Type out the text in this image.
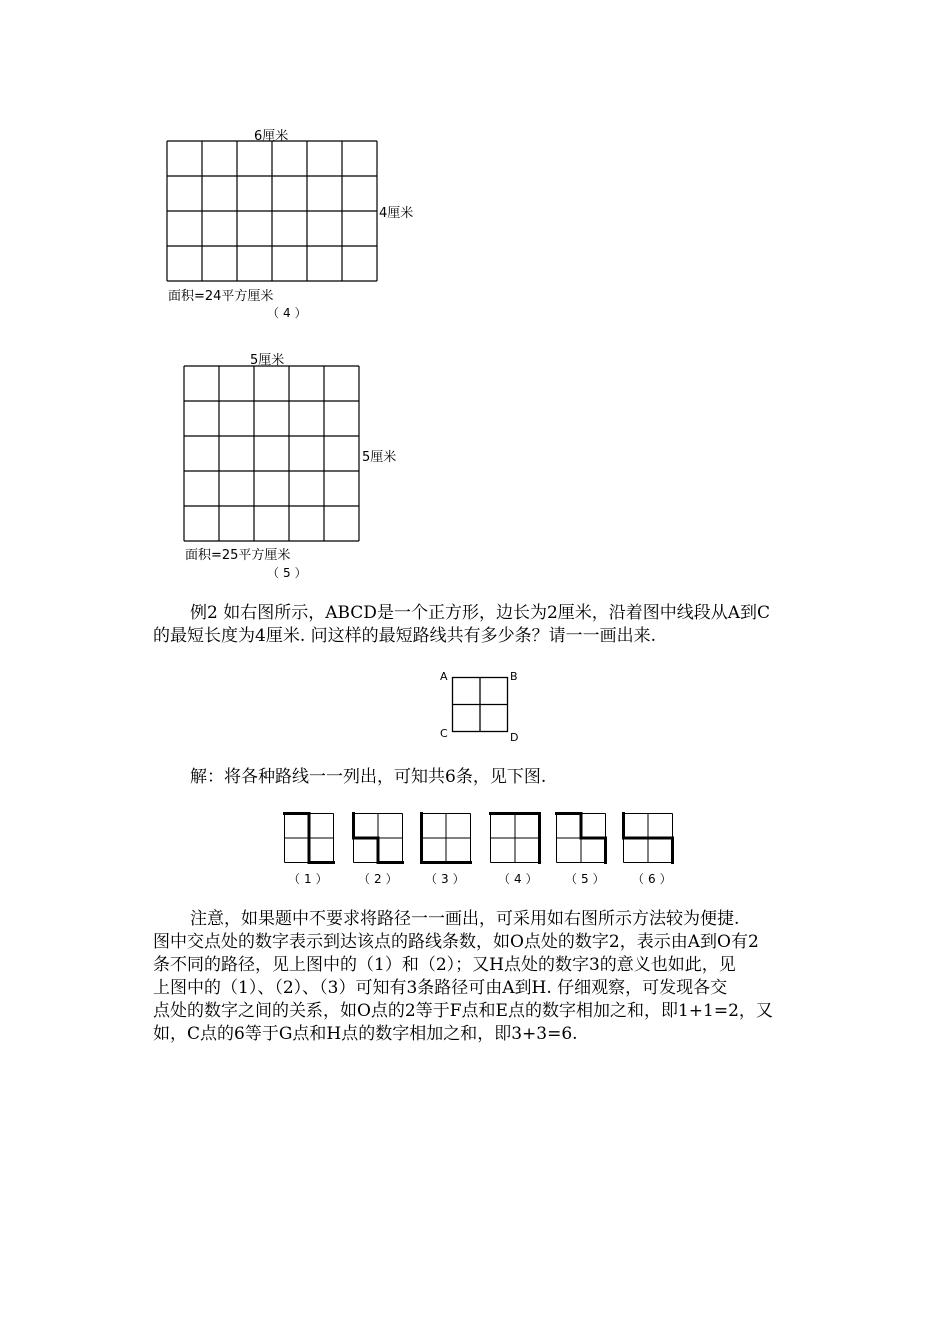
6厘米
4厘米
面积=24平方厘米
（4）
5厘米
5厘米
面积=25平方厘米
（5）
例2 如右图所示，ABCD是一个正方形，边长为2厘米，沿着图中线段从A到C
的最短长度为4厘米. 问这样的最短路线共有多少条？请一一画出来.
A	B
C	D
解：将各种路线一一列出，可知共6条，见下图.
（1） （2） （3） （4） （5） （6）
注意，如果题中不要求将路径一一画出，可采用如右图所示方法较为便捷.
图中交点处的数字表示到达该点的路线条数，如O点处的数字2，表示由A到O有2
条不同的路径，见上图中的（1）和（2）；又H点处的数字3的意义也如此，见
上图中的（1）、（2）、（3）可知有3条路径可由A到H. 仔细观察，可发现各交
点处的数字之间的关系，如O点的2等于F点和E点的数字相加之和，即1+1=2，又
如，C点的6等于G点和H点的数字相加之和，即3+3=6.
